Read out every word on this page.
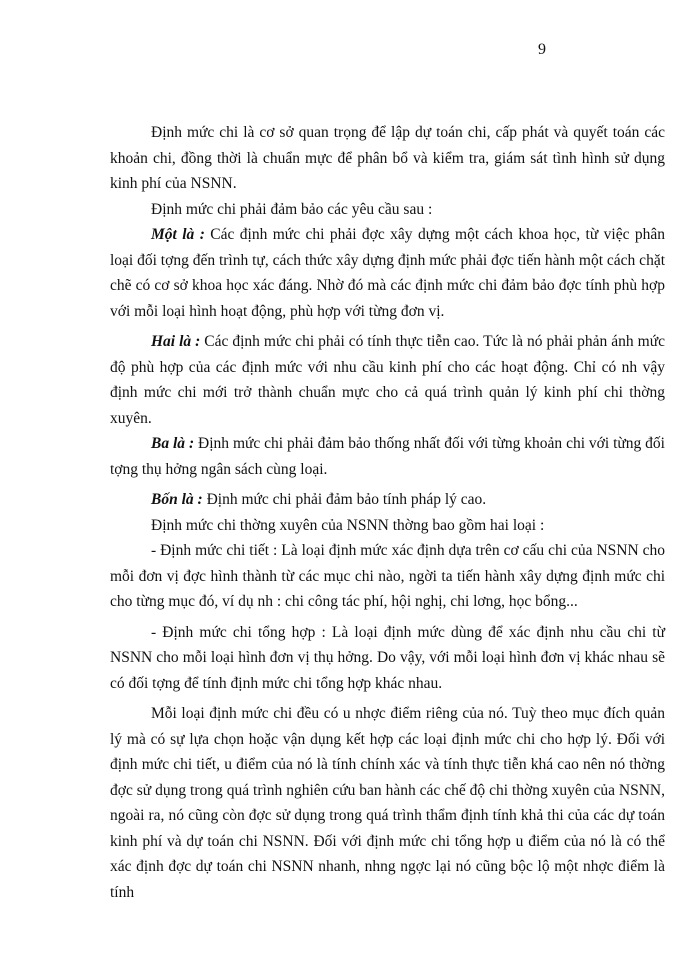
9

Định mức chi là cơ sở quan trọng để lập dự toán chi, cấp phát và quyết toán các khoản chi, đồng thời là chuẩn mực để phân bổ và kiểm tra, giám sát tình hình sử dụng kinh phí của NSNN.

Định mức chi phải đảm bảo các yêu cầu sau :

Một là : Các định mức chi phải đợc xây dựng một cách khoa học, từ việc phân loại đối tợng đến trình tự, cách thức xây dựng định mức phải đợc tiến hành một cách chặt chẽ có cơ sở khoa học xác đáng. Nhờ đó mà các định mức chi đảm bảo đợc tính phù hợp với mỗi loại hình hoạt động, phù hợp với từng đơn vị.

Hai là : Các định mức chi phải có tính thực tiễn cao. Tức là nó phải phản ánh mức độ phù hợp của các định mức với nhu cầu kinh phí cho các hoạt động. Chỉ có nh vậy định mức chi mới trở thành chuẩn mực cho cả quá trình quản lý kinh phí chi thờng xuyên.

Ba là : Định mức chi phải đảm bảo thống nhất đối với từng khoản chi với từng đối tợng thụ hởng ngân sách cùng loại.

Bốn là : Định mức chi phải đảm bảo tính pháp lý cao.

Định mức chi thờng xuyên của NSNN thờng bao gồm hai loại :

- Định mức chi tiết : Là loại định mức xác định dựa trên cơ cấu chi của NSNN cho mỗi đơn vị đợc hình thành từ các mục chi nào, ngời ta tiến hành xây dựng định mức chi cho từng mục đó, ví dụ nh : chi công tác phí, hội nghị, chi lơng, học bổng...

- Định mức chi tổng hợp : Là loại định mức dùng để xác định nhu cầu chi từ NSNN cho mỗi loại hình đơn vị thụ hởng. Do vậy, với mỗi loại hình đơn vị khác nhau sẽ có đối tợng để tính định mức chi tổng hợp khác nhau.

Mỗi loại định mức chi đều có u nhợc điểm riêng của nó. Tuỳ theo mục đích quản lý mà có sự lựa chọn hoặc vận dụng kết hợp các loại định mức chi cho hợp lý. Đối với định mức chi tiết, u điểm của nó là tính chính xác và tính thực tiễn khá cao nên nó thờng đợc sử dụng trong quá trình nghiên cứu ban hành các chế độ chi thờng xuyên của NSNN, ngoài ra, nó cũng còn đợc sử dụng trong quá trình thẩm định tính khả thi của các dự toán kinh phí và dự toán chi NSNN. Đối với định mức chi tổng hợp u điểm của nó là có thể xác định đợc dự toán chi NSNN nhanh, nhng ngợc lại nó cũng bộc lộ một nhợc điểm là tính
